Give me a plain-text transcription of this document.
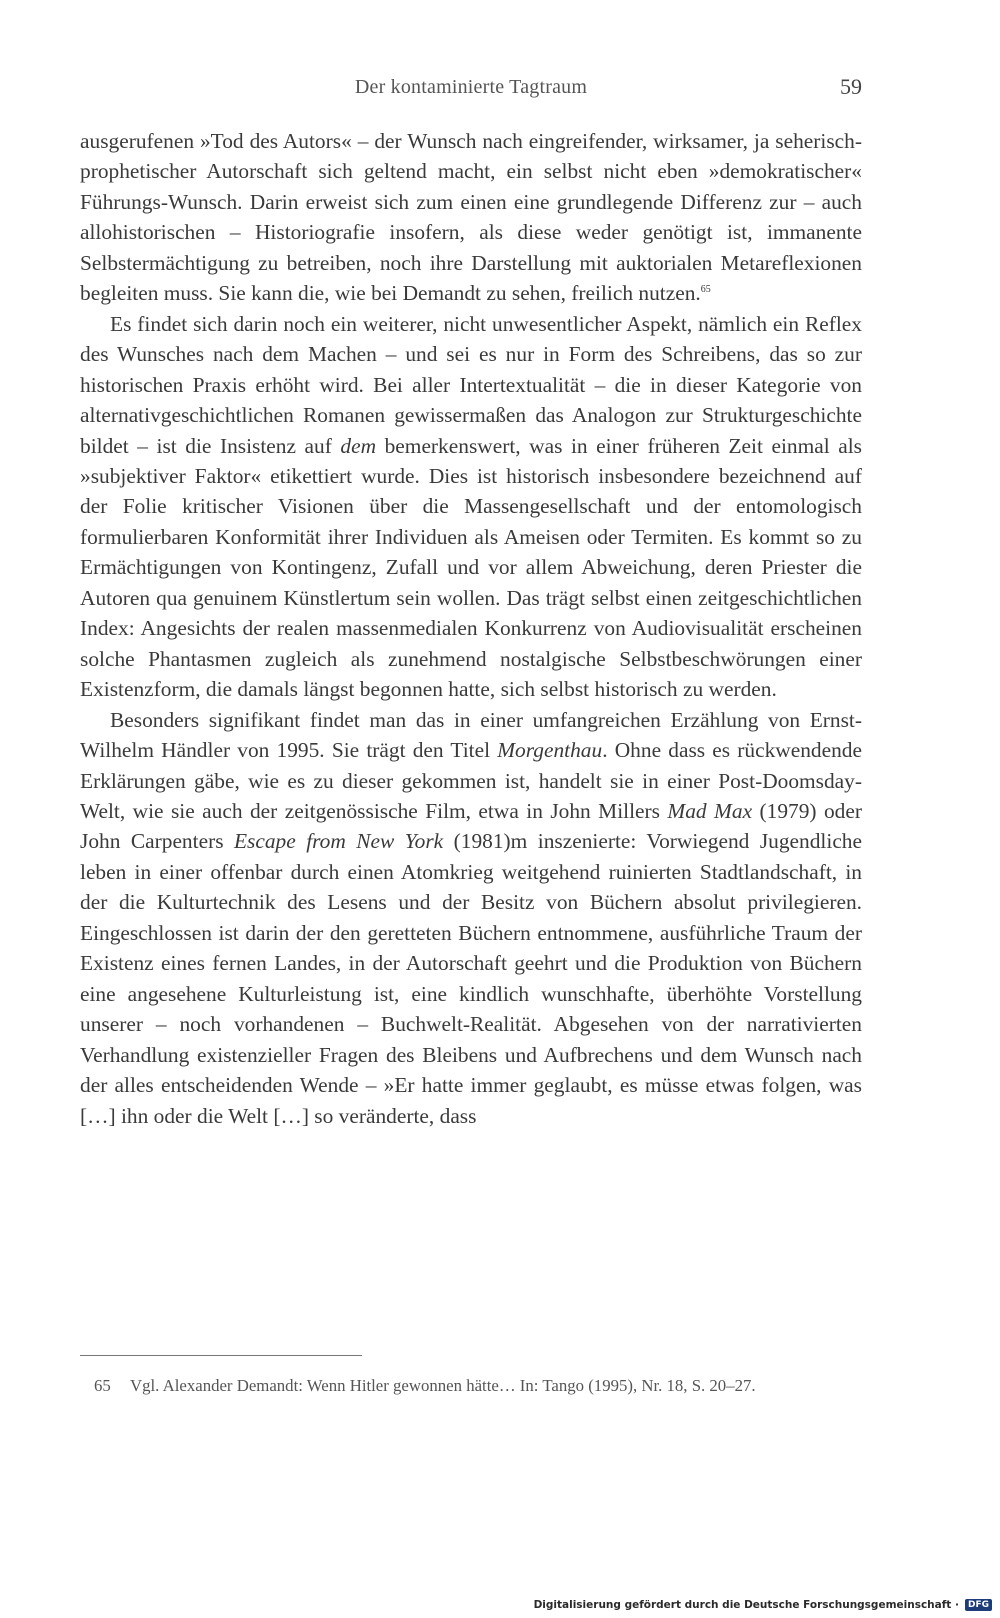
Der kontaminierte Tagtraum	59

ausgerufenen »Tod des Autors« – der Wunsch nach eingreifender, wirksamer, ja seherisch-prophetischer Autorschaft sich geltend macht, ein selbst nicht eben »demokratischer« Führungs-Wunsch. Darin erweist sich zum einen eine grundlegende Differenz zur – auch allohistorischen – Historiografie insofern, als diese weder genötigt ist, immanente Selbstermächtigung zu betreiben, noch ihre Darstellung mit auktorialen Metareflexionen begleiten muss. Sie kann die, wie bei Demandt zu sehen, freilich nutzen.$^{65}$

Es findet sich darin noch ein weiterer, nicht unwesentlicher Aspekt, nämlich ein Reflex des Wunsches nach dem Machen – und sei es nur in Form des Schreibens, das so zur historischen Praxis erhöht wird. Bei aller Intertextualität – die in dieser Kategorie von alternativgeschichtlichen Romanen gewissermaßen das Analogon zur Strukturgeschichte bildet – ist die Insistenz auf dem bemerkenswert, was in einer früheren Zeit einmal als »subjektiver Faktor« etikettiert wurde. Dies ist historisch insbesondere bezeichnend auf der Folie kritischer Visionen über die Massengesellschaft und der entomologisch formulierbaren Konformität ihrer Individuen als Ameisen oder Termiten. Es kommt so zu Ermächtigungen von Kontingenz, Zufall und vor allem Abweichung, deren Priester die Autoren qua genuinem Künstlertum sein wollen. Das trägt selbst einen zeitgeschichtlichen Index: Angesichts der realen massenmedialen Konkurrenz von Audiovisualität erscheinen solche Phantasmen zugleich als zunehmend nostalgische Selbstbeschwörungen einer Existenzform, die damals längst begonnen hatte, sich selbst historisch zu werden.

Besonders signifikant findet man das in einer umfangreichen Erzählung von Ernst-Wilhelm Händler von 1995. Sie trägt den Titel Morgenthau. Ohne dass es rückwendende Erklärungen gäbe, wie es zu dieser gekommen ist, handelt sie in einer Post-Doomsday-Welt, wie sie auch der zeitgenössische Film, etwa in John Millers Mad Max (1979) oder John Carpenters Escape from New York (1981)m inszenierte: Vorwiegend Jugendliche leben in einer offenbar durch einen Atomkrieg weitgehend ruinierten Stadtlandschaft, in der die Kulturtechnik des Lesens und der Besitz von Büchern absolut privilegieren. Eingeschlossen ist darin der den geretteten Büchern entnommene, ausführliche Traum der Existenz eines fernen Landes, in der Autorschaft geehrt und die Produktion von Büchern eine angesehene Kulturleistung ist, eine kindlich wunschhafte, überhöhte Vorstellung unserer – noch vorhandenen – Buchwelt-Realität. Abgesehen von der narrativierten Verhandlung existenzieller Fragen des Bleibens und Aufbrechens und dem Wunsch nach der alles entscheidenden Wende – »Er hatte immer geglaubt, es müsse etwas folgen, was […] ihn oder die Welt […] so veränderte, dass

65 Vgl. Alexander Demandt: Wenn Hitler gewonnen hätte… In: Tango (1995), Nr. 18, S. 20–27.
Digitalisierung gefördert durch die Deutsche Forschungsgemeinschaft ·	DFG
